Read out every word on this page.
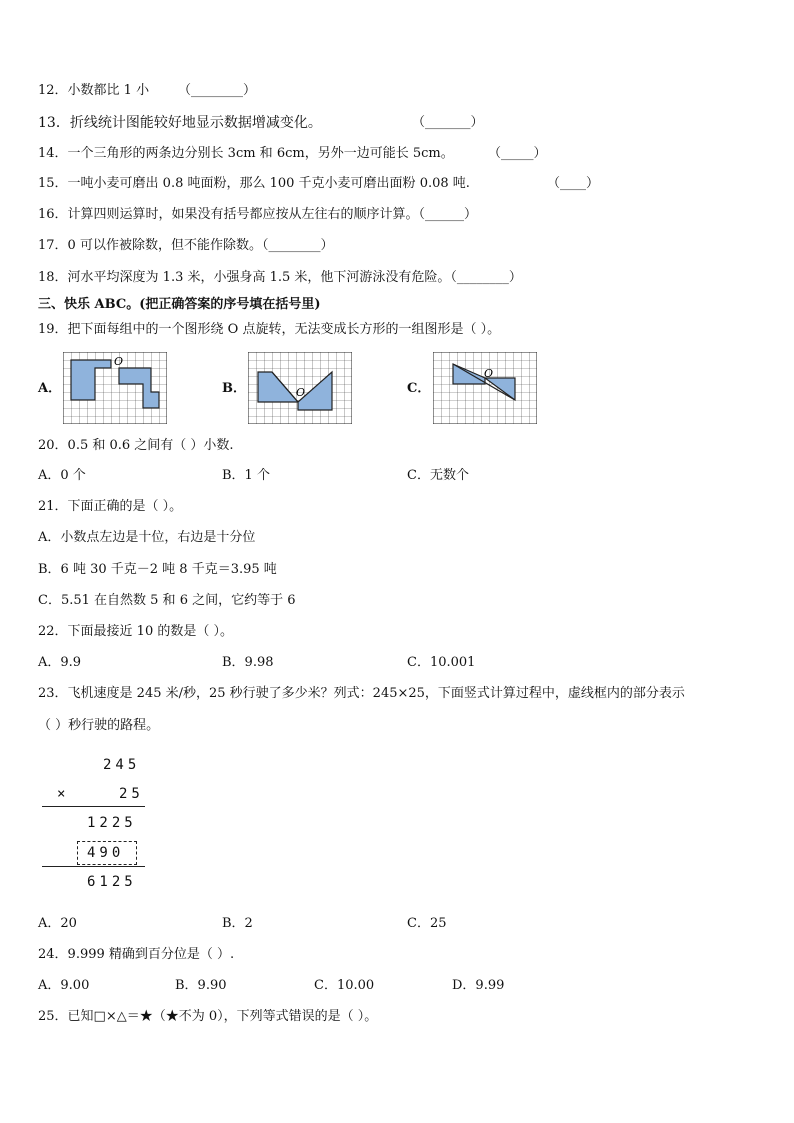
12．小数都比 1 小 （________）
13．折线统计图能较好地显示数据增减变化。	（_______）
14．一个三角形的两条边分别长 3cm 和 6cm，另外一边可能长 5cm。	（_____）
15．一吨小麦可磨出 0.8 吨面粉，那么 100 千克小麦可磨出面粉 0.08 吨.	（____）
16．计算四则运算时，如果没有括号都应按从左往右的顺序计算。（______）
17．0 可以作被除数，但不能作除数。（________）
18．河水平均深度为 1.3 米，小强身高 1.5 米，他下河游泳没有危险。（________）
三、快乐 ABC。(把正确答案的序号填在括号里)
19．把下面每组中的一个图形绕 O 点旋转，无法变成长方形的一组图形是（ ）。
A．
O
B．	O	C．
O
20．0.5 和 0.6 之间有（ ）小数.
A．0 个	B．1 个	C．无数个
21．下面正确的是（ ）。
A．小数点左边是十位，右边是十分位
B．6 吨 30 千克－2 吨 8 千克＝3.95 吨
C．5.51 在自然数 5 和 6 之间，它约等于 6
22．下面最接近 10 的数是（ ）。
A．9.9	B．9.98	C．10.001
23．飞机速度是 245 米/秒，25 秒行驶了多少米？列式：245×25，下面竖式计算过程中，虚线框内的部分表示
（ ）秒行驶的路程。
245
×	25
1225
490
6125
A．20	B．2	C．25
24．9.999 精确到百分位是（ ）.
A．9.00	B．9.90	C．10.00	D．9.99
25．已知□×△＝★（★不为 0），下列等式错误的是（ ）。
